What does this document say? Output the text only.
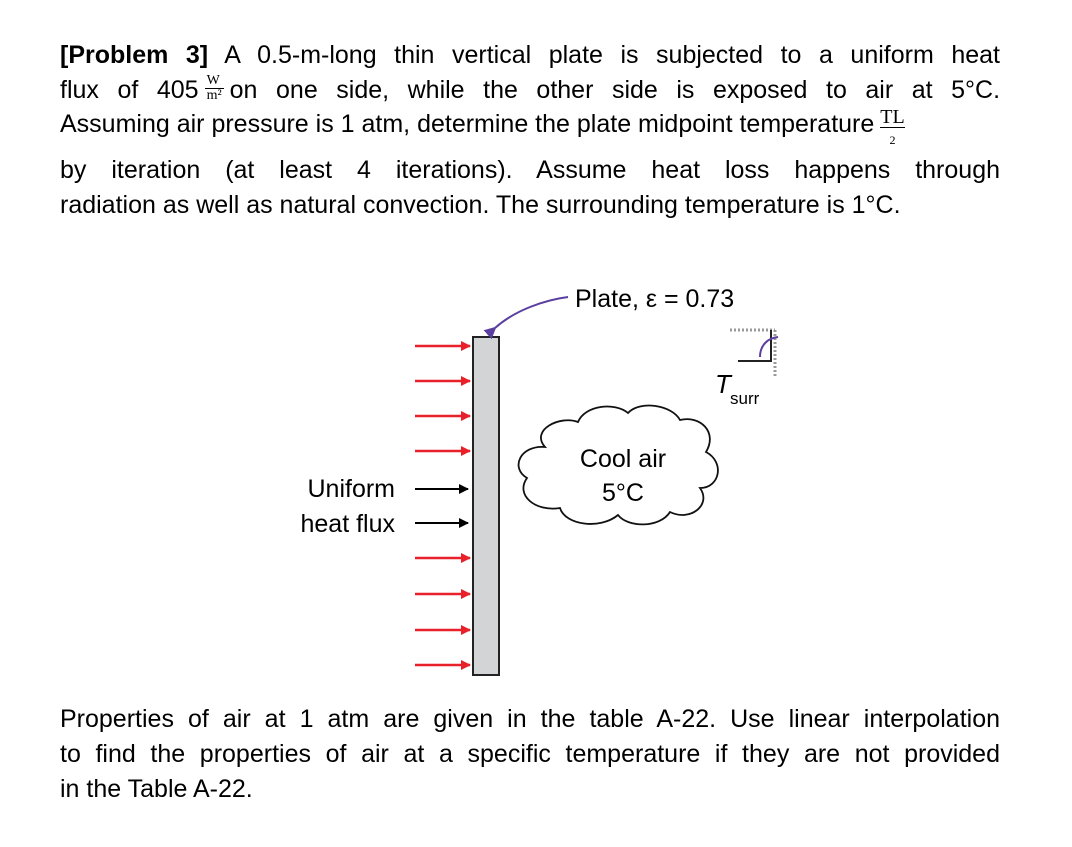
[Problem 3] A 0.5-m-long thin vertical plate is subjected to a uniform heat
flux of $405 \frac{W}{\text{m²}}$ on one side, while the other side is exposed to air at 5°C.
Assuming air pressure is 1 atm, determine the plate midpoint temperature TL
2
by iteration (at least 4 iterations). Assume heat loss happens through
radiation as well as natural convection. The surrounding temperature is 1°C.
Uniform
heat flux
Plate, ε = 0.73
T surr
Cool air
5°C
Properties of air at 1 atm are given in the table A-22. Use linear interpolation
to find the properties of air at a specific temperature if they are not provided
in the Table A-22.
